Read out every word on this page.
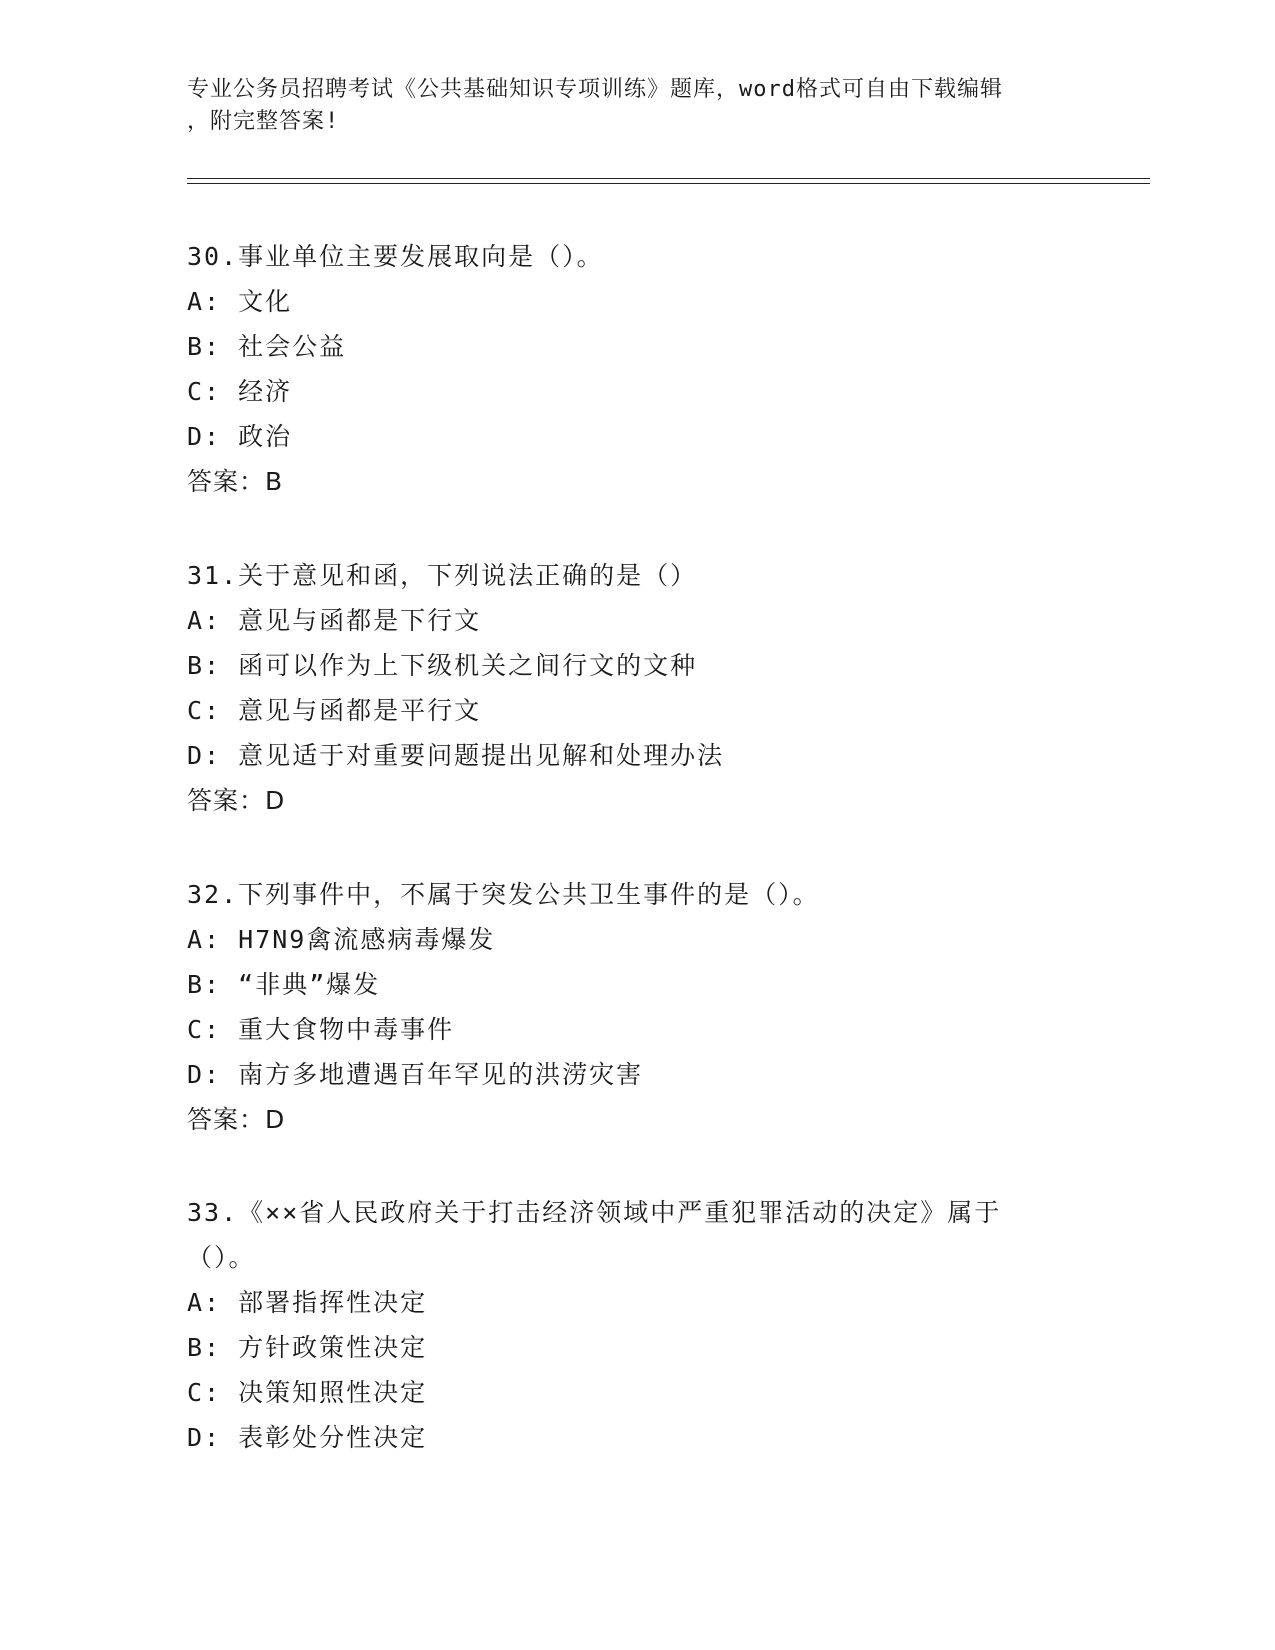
专业公务员招聘考试《公共基础知识专项训练》题库，word格式可自由下载编辑
，附完整答案!
30.事业单位主要发展取向是（）。
A: 文化
B: 社会公益
C: 经济
D: 政治
答案：B
31.关于意见和函，下列说法正确的是（）
A: 意见与函都是下行文
B: 函可以作为上下级机关之间行文的文种
C: 意见与函都是平行文
D: 意见适于对重要问题提出见解和处理办法
答案：D
32.下列事件中，不属于突发公共卫生事件的是（）。
A: H7N9禽流感病毒爆发
B: “非典”爆发
C: 重大食物中毒事件
D: 南方多地遭遇百年罕见的洪涝灾害
答案：D
33.《××省人民政府关于打击经济领域中严重犯罪活动的决定》属于
（）。
A: 部署指挥性决定
B: 方针政策性决定
C: 决策知照性决定
D: 表彰处分性决定
